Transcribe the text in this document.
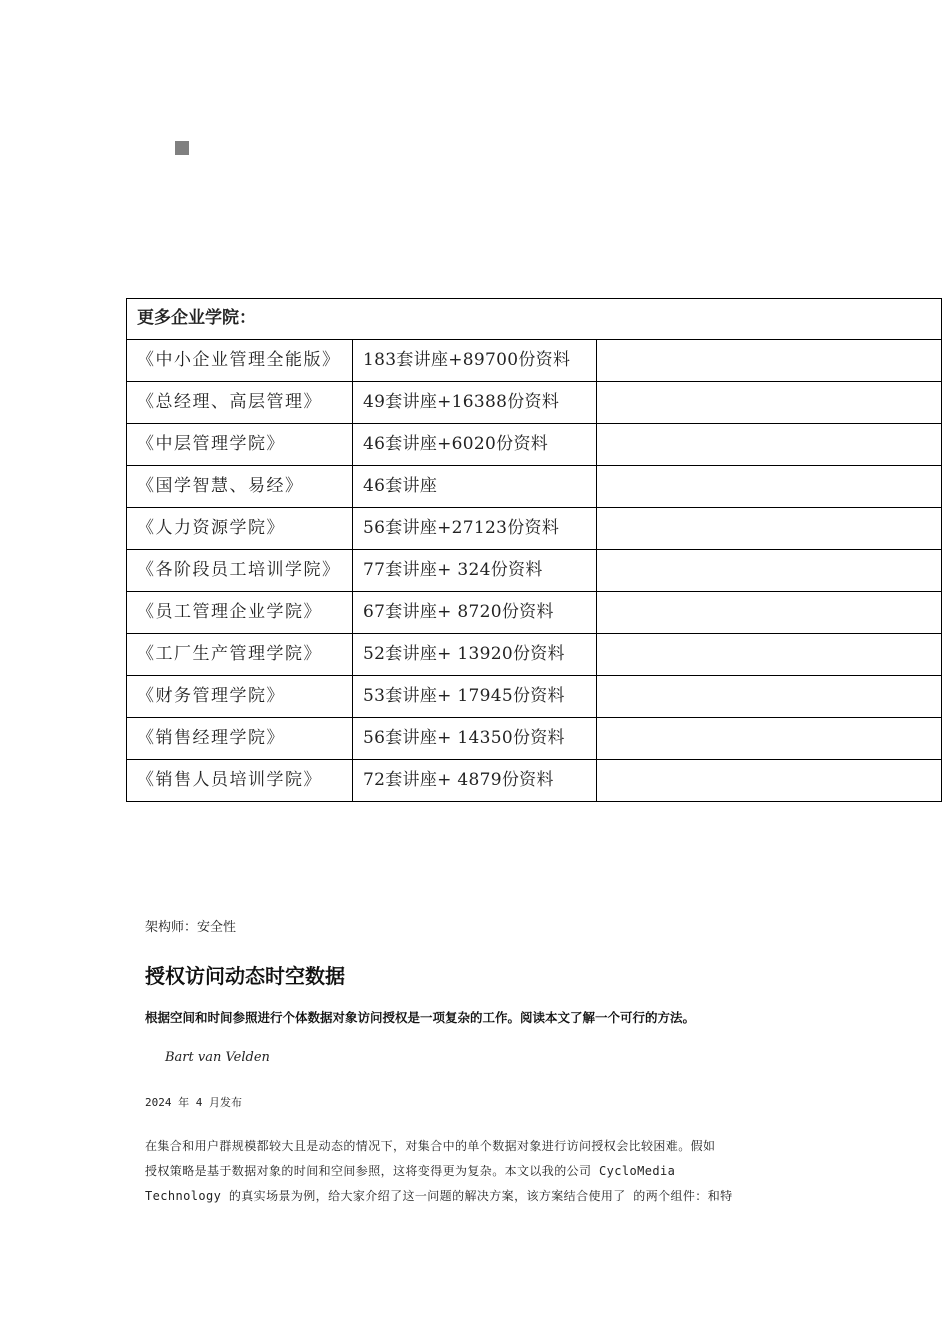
更多企业学院：		
《中小企业管理全能版》	183套讲座+89700份资料	
《总经理、高层管理》	49套讲座+16388份资料	
《中层管理学院》	46套讲座+6020份资料	
《国学智慧、易经》	46套讲座	
《人力资源学院》	56套讲座+27123份资料	
《各阶段员工培训学院》	77套讲座+ 324份资料	
《员工管理企业学院》	67套讲座+ 8720份资料	
《工厂生产管理学院》	52套讲座+ 13920份资料	
《财务管理学院》	53套讲座+ 17945份资料	
《销售经理学院》	56套讲座+ 14350份资料	
《销售人员培训学院》	72套讲座+ 4879份资料	
架构师：安全性
授权访问动态时空数据
根据空间和时间参照进行个体数据对象访问授权是一项复杂的工作。阅读本文了解一个可行的方法。
Bart van Velden
2024 年 4 月发布
在集合和用户群规模都较大且是动态的情况下，对集合中的单个数据对象进行访问授权会比较困难。假如
授权策略是基于数据对象的时间和空间参照，这将变得更为复杂。本文以我的公司 CycloMedia
Technology 的真实场景为例，给大家介绍了这一问题的解决方案，该方案结合使用了 的两个组件：和特
